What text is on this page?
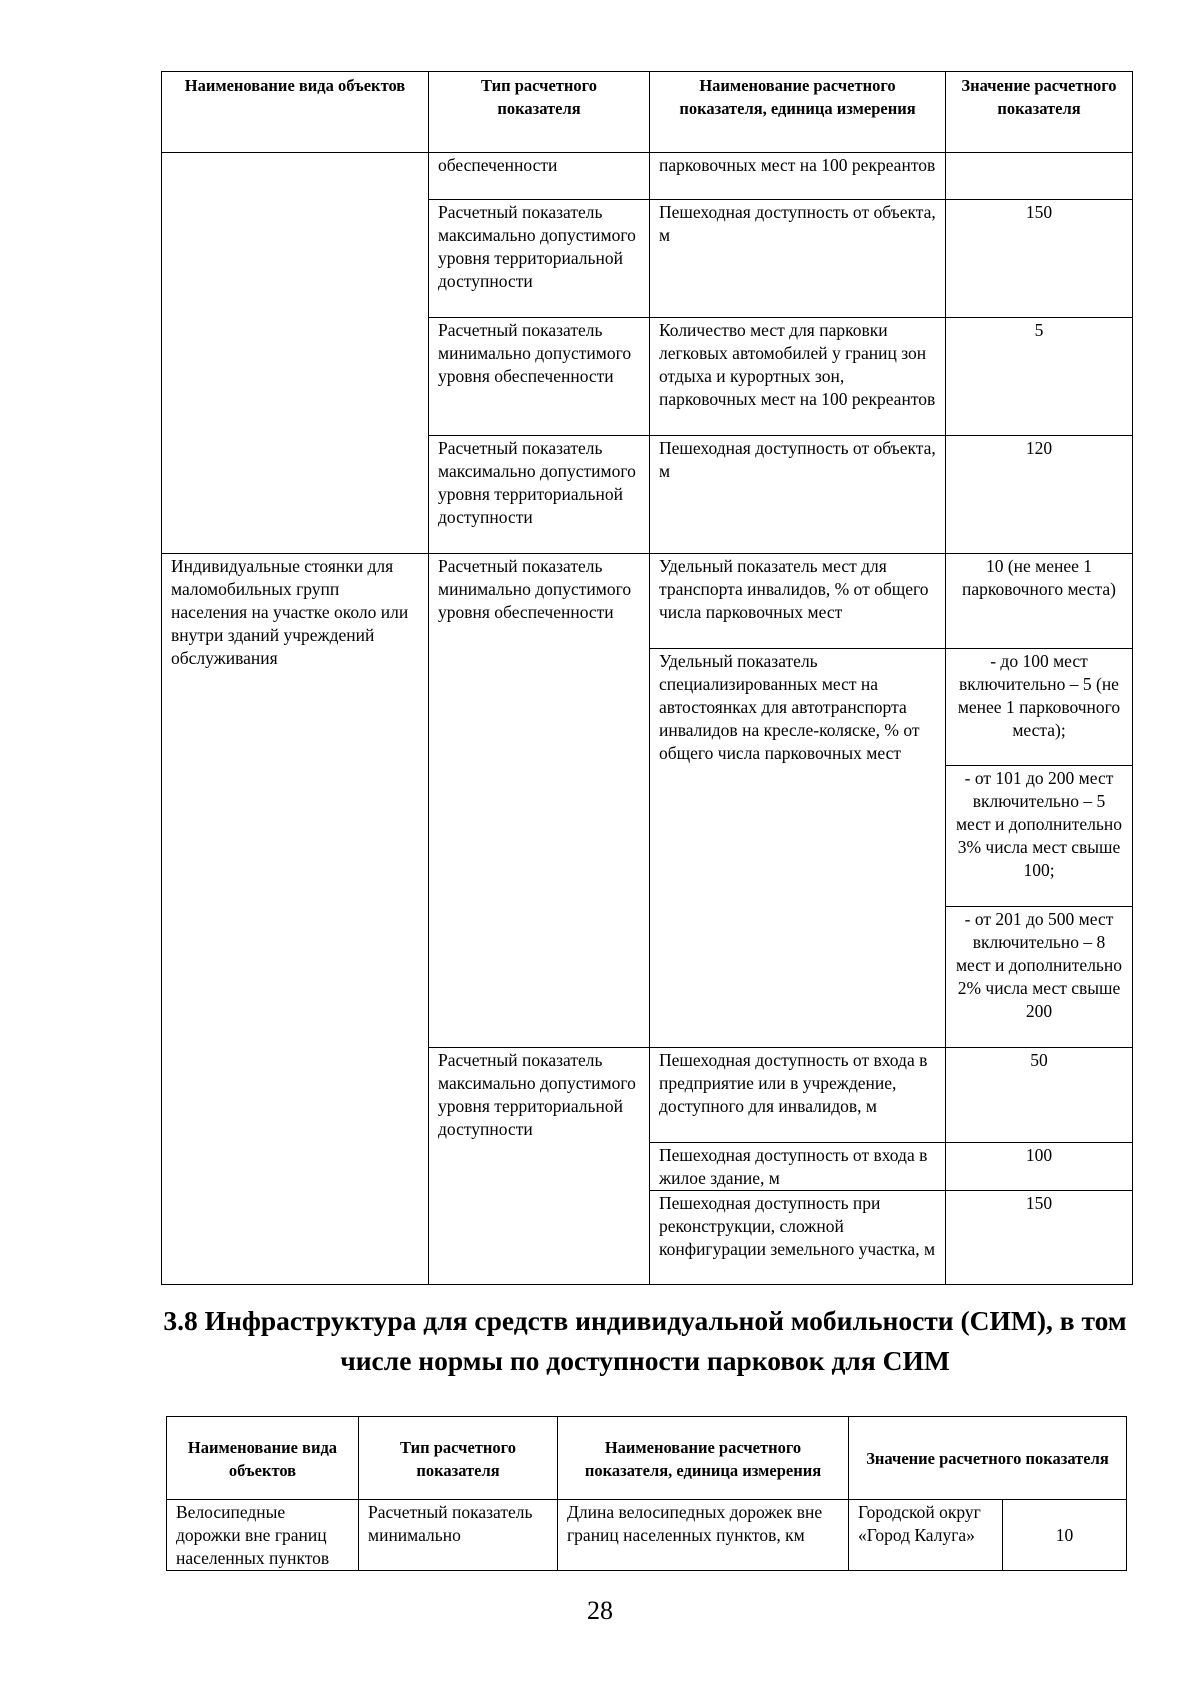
Наименование вида объектов	Тип расчетного показателя	Наименование расчетного показателя, единица измерения	Значение расчетного показателя
	обеспеченности	парковочных мест на 100 рекреантов	
	Расчетный показатель максимально допустимого уровня территориальной доступности	Пешеходная доступность от объекта, м	150
	Расчетный показатель минимально допустимого уровня обеспеченности	Количество мест для парковки легковых автомобилей у границ зон отдыха и курортных зон, парковочных мест на 100 рекреантов	5
	Расчетный показатель максимально допустимого уровня территориальной доступности	Пешеходная доступность от объекта, м	120
Индивидуальные стоянки для маломобильных групп населения на участке около или внутри зданий учреждений обслуживания	Расчетный показатель минимально допустимого уровня обеспеченности	Удельный показатель мест для транспорта инвалидов, % от общего числа парковочных мест	10 (не менее 1 парковочного места)
		Удельный показатель специализированных мест на автостоянках для автотранспорта инвалидов на кресле-коляске, % от общего числа парковочных мест	- до 100 мест включительно – 5 (не менее 1 парковочного места);
			- от 101 до 200 мест включительно – 5 мест и дополнительно 3% числа мест свыше 100;
			- от 201 до 500 мест включительно – 8 мест и дополнительно 2% числа мест свыше 200
	Расчетный показатель максимально допустимого уровня территориальной доступности	Пешеходная доступность от входа в предприятие или в учреждение, доступного для инвалидов, м	50
		Пешеходная доступность от входа в жилое здание, м	100
		Пешеходная доступность при реконструкции, сложной конфигурации земельного участка, м	150
3.8 Инфраструктура для средств индивидуальной мобильности (СИМ), в том числе нормы по доступности парковок для СИМ
Наименование вида объектов	Тип расчетного показателя	Наименование расчетного показателя, единица измерения	Значение расчетного показателя	
Велосипедные дорожки вне границ населенных пунктов	Расчетный показатель минимально	Длина велосипедных дорожек вне границ населенных пунктов, км	Городской округ «Город Калуга»	10
28
